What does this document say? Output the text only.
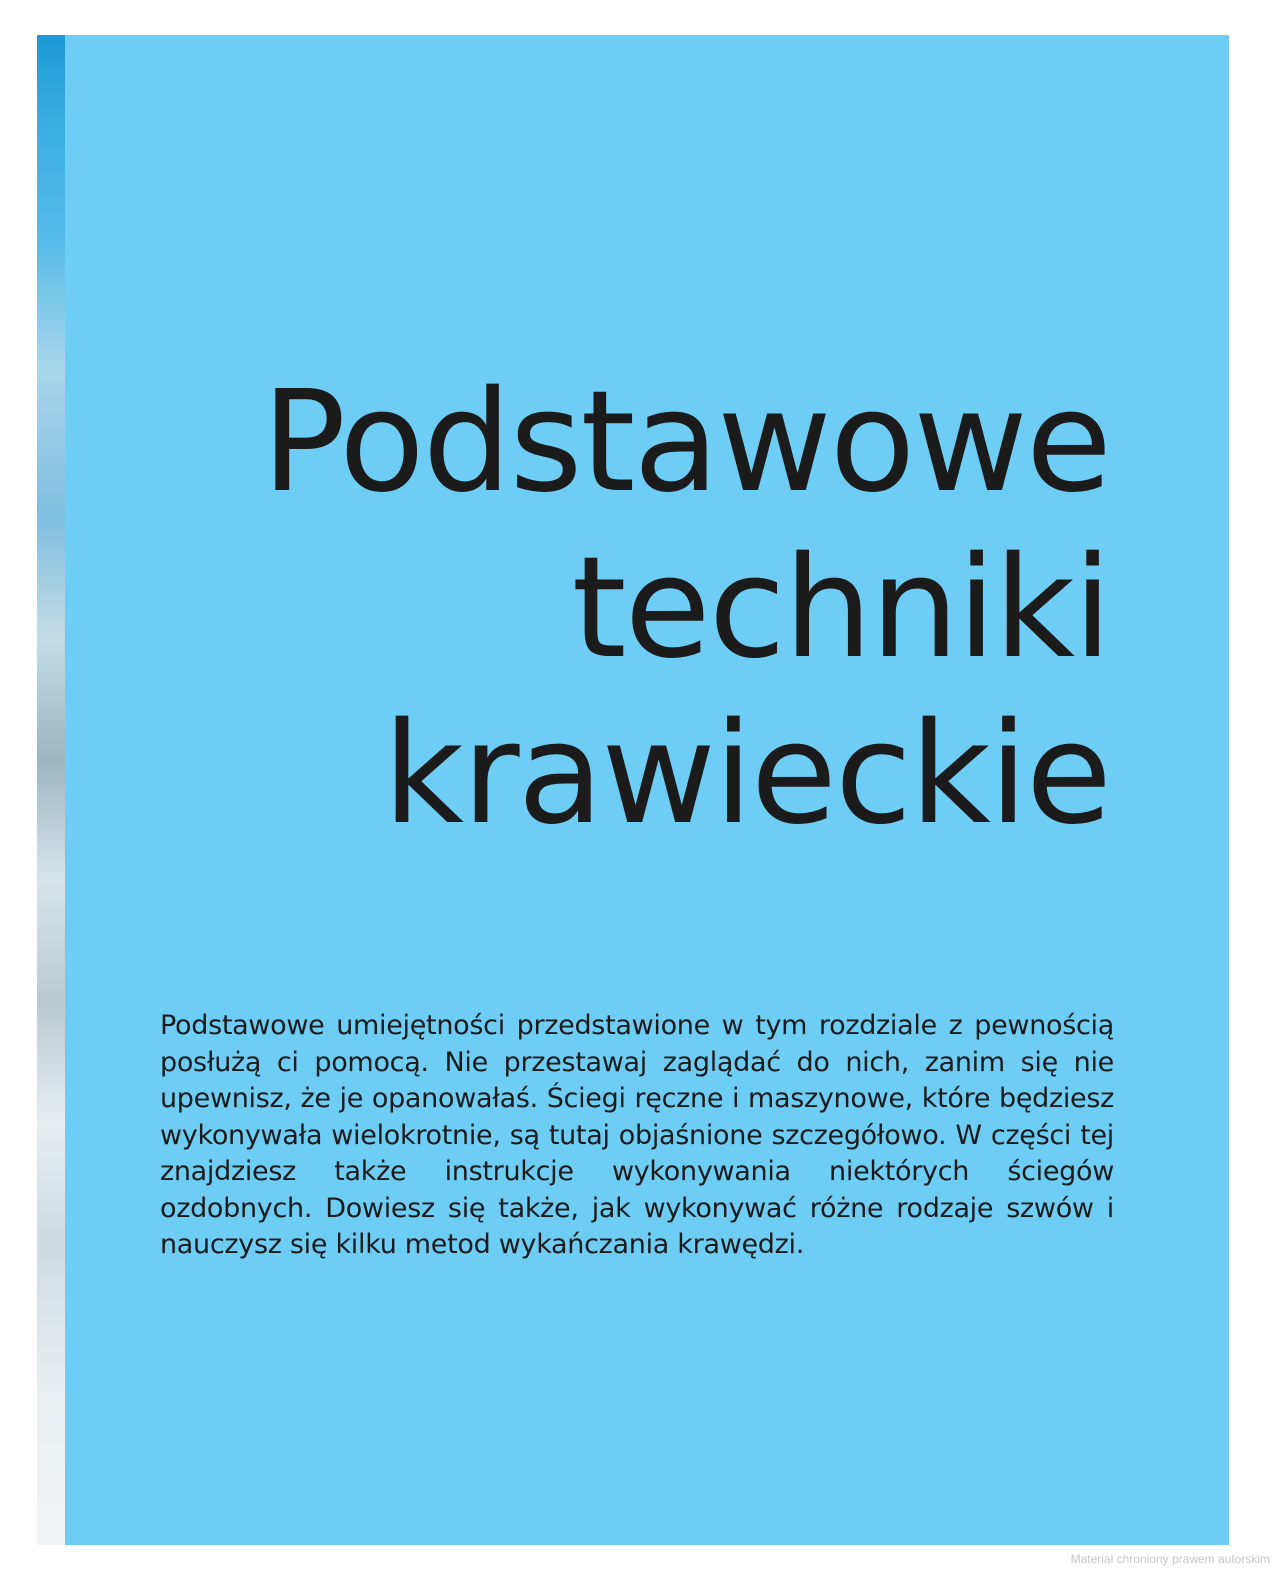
Podstawowe
techniki
krawieckie

Podstawowe umiejętności przedstawione w tym rozdziale z pewnością posłużą ci pomocą. Nie przestawaj zaglądać do nich, zanim się nie upewnisz, że je opanowałaś. Ściegi ręczne i maszynowe, które będziesz wykonywała wielokrotnie, są tutaj objaśnione szczegółowo. W części tej znajdziesz także instrukcje wykonywania niektórych ściegów ozdobnych. Dowiesz się także, jak wykonywać różne rodzaje szwów i nauczysz się kilku metod wykańczania krawędzi.

Materiał chroniony prawem autorskim
